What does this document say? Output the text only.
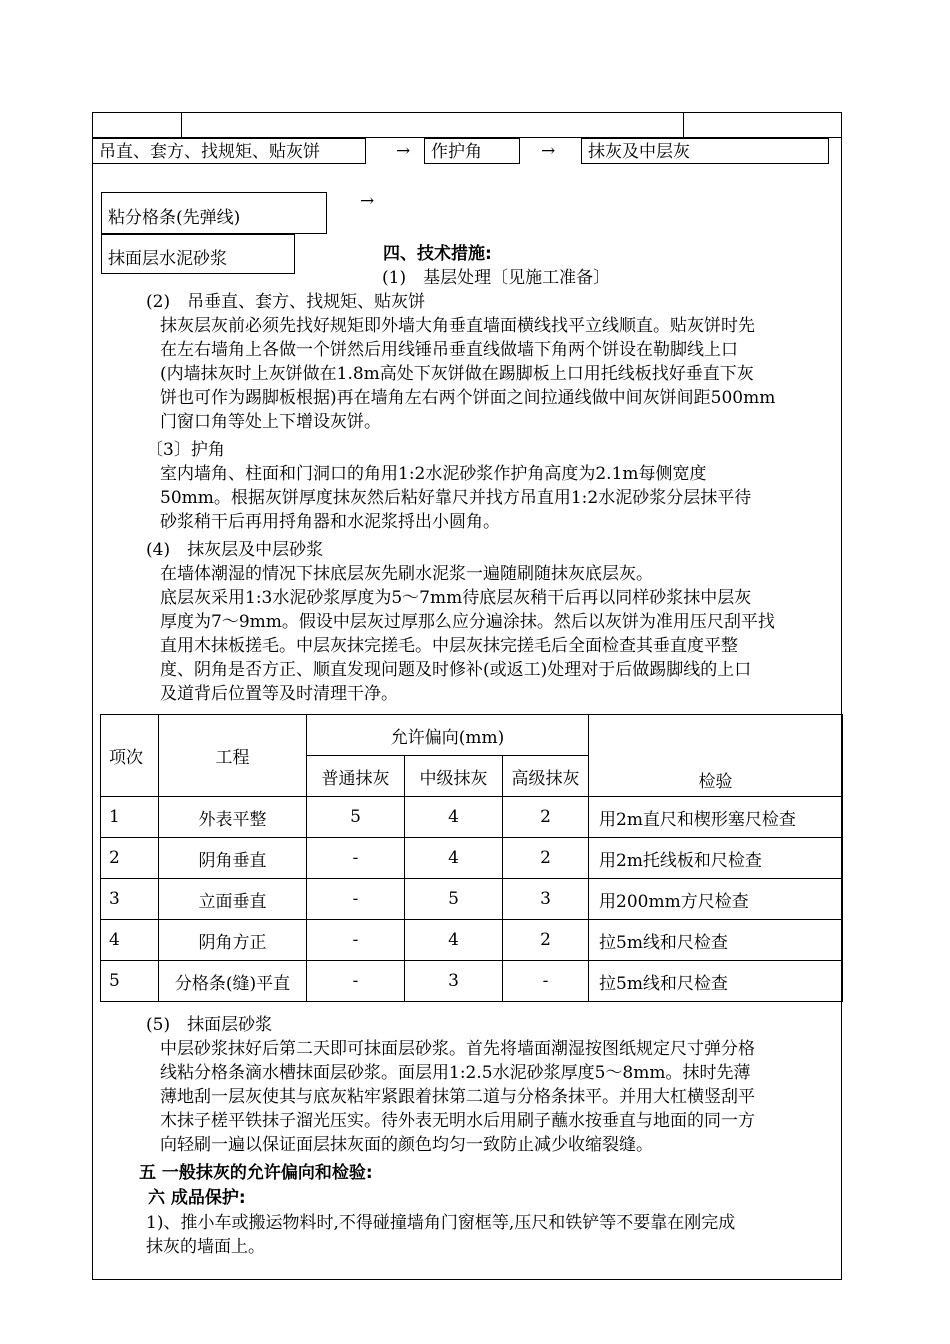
吊直、套方、找规矩、贴灰饼	→	作护角	→	抹灰及中层灰
→
粘分格条(先弹线)
抹面层水泥砂浆	四、技术措施:
(1)　基层处理〔见施工准备〕
(2)　吊垂直、套方、找规矩、贴灰饼
抹灰层灰前必须先找好规矩即外墙大角垂直墙面横线找平立线顺直。贴灰饼时先
在左右墙角上各做一个饼然后用线锤吊垂直线做墙下角两个饼设在勒脚线上口
(内墙抹灰时上灰饼做在1.8m高处下灰饼做在踢脚板上口用托线板找好垂直下灰
饼也可作为踢脚板根据)再在墙角左右两个饼面之间拉通线做中间灰饼间距500mm
门窗口角等处上下增设灰饼。
〔3〕护角
室内墙角、柱面和门洞口的角用1:2水泥砂浆作护角高度为2.1m每侧宽度
50mm。根据灰饼厚度抹灰然后粘好靠尺并找方吊直用1:2水泥砂浆分层抹平待
砂浆稍干后再用捋角器和水泥浆捋出小圆角。
(4)　抹灰层及中层砂浆
在墙体潮湿的情况下抹底层灰先刷水泥浆一遍随刷随抹灰底层灰。
底层灰采用1:3水泥砂浆厚度为5～7mm待底层灰稍干后再以同样砂浆抹中层灰
厚度为7～9mm。假设中层灰过厚那么应分遍涂抹。然后以灰饼为准用压尺刮平找
直用木抹板搓毛。中层灰抹完搓毛。中层灰抹完搓毛后全面检查其垂直度平整
度、阴角是否方正、顺直发现问题及时修补(或返工)处理对于后做踢脚线的上口
及道背后位置等及时清理干净。
项次	工程	允许偏向(mm)			检验
		普通抹灰	中级抹灰	高级抹灰	
1	外表平整	5	4	2	用2m直尺和楔形塞尺检查
2	阴角垂直	-	4	2	用2m托线板和尺检查
3	立面垂直	-	5	3	用200mm方尺检查
4	阴角方正	-	4	2	拉5m线和尺检查
5	分格条(缝)平直	-	3	-	拉5m线和尺检查
(5)　抹面层砂浆
中层砂浆抹好后第二天即可抹面层砂浆。首先将墙面潮湿按图纸规定尺寸弹分格
线粘分格条滴水槽抹面层砂浆。面层用1:2.5水泥砂浆厚度5～8mm。抹时先薄
薄地刮一层灰使其与底灰粘牢紧跟着抹第二道与分格条抹平。并用大杠横竖刮平
木抹子槎平铁抹子溜光压实。待外表无明水后用刷子蘸水按垂直与地面的同一方
向轻刷一遍以保证面层抹灰面的颜色均匀一致防止减少收缩裂缝。
五 一般抹灰的允许偏向和检验:
六 成品保护:
1)、推小车或搬运物料时,不得碰撞墙角门窗框等,压尺和铁铲等不要靠在刚完成
抹灰的墙面上。
